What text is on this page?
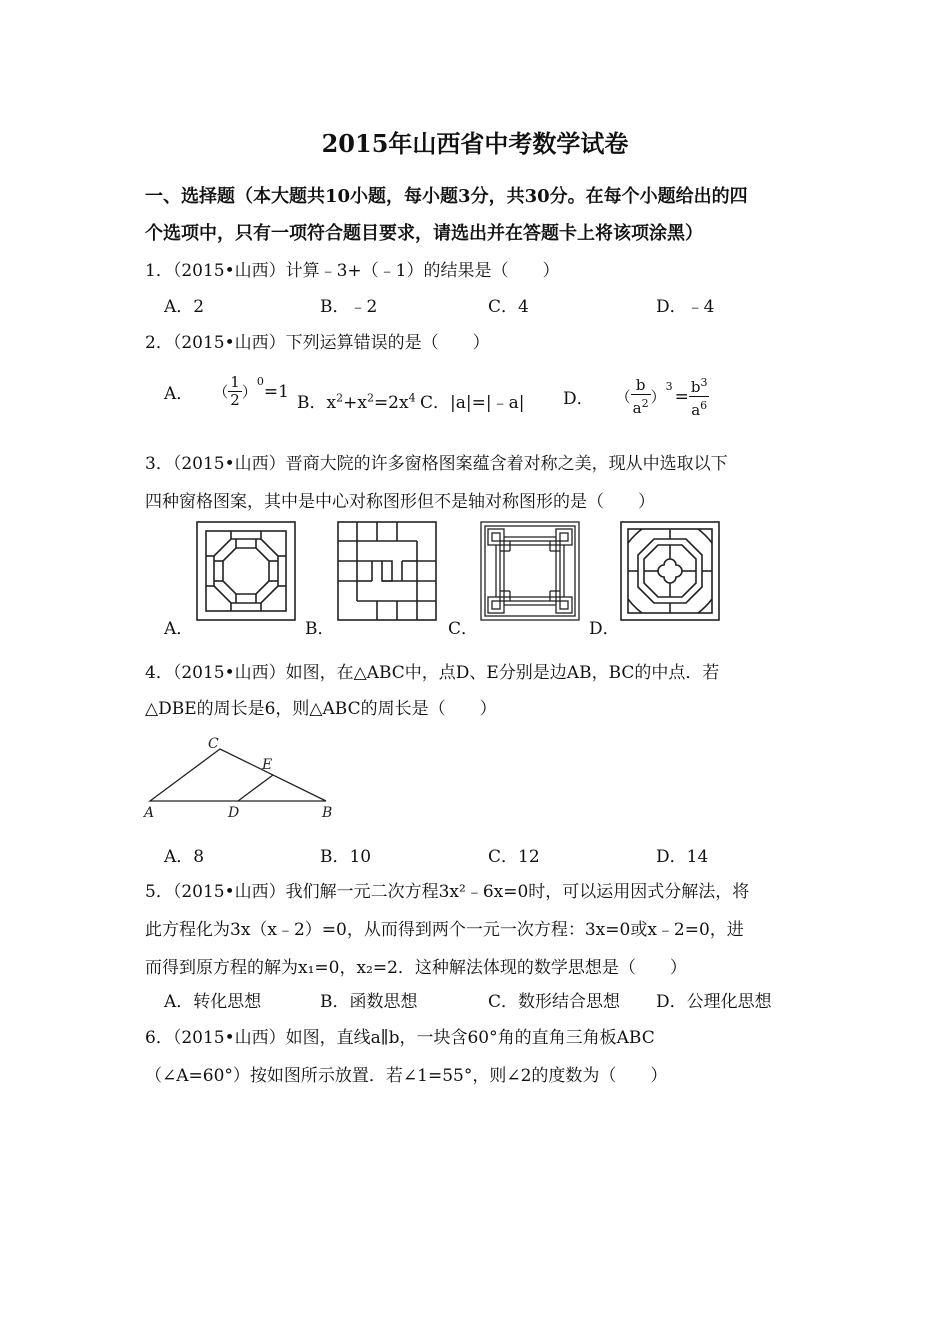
2015年山西省中考数学试卷
一、选择题（本大题共10小题，每小题3分，共30分。在每个小题给出的四
个选项中，只有一项符合题目要求，请选出并在答题卡上将该项涂黑）
1．（2015•山西）计算﹣3+（﹣1）的结果是（　　）
A．2	B．﹣2	C．4	D．﹣4
2．（2015•山西）下列运算错误的是（　　）
A． （ $\frac{1}{2}$ ）
$^0$ =1
B．$x^2+x^2=2x^4$ C．|a|=|﹣a| D． （ $\frac{b}{a^2}$ ）
$^3 = \frac{b^3}{a^6}$
3．（2015•山西）晋商大院的许多窗格图案蕴含着对称之美，现从中选取以下
四种窗格图案，其中是中心对称图形但不是轴对称图形的是（　　）
A．	B．	C．	D．
4．（2015•山西）如图，在△ABC中，点D、E分别是边AB，BC的中点．若
△DBE的周长是6，则△ABC的周长是（　　）
C
E
A	D	B
A．8	B．10	C．12	D．14
5．（2015•山西）我们解一元二次方程3x²﹣6x=0时，可以运用因式分解法，将
此方程化为3x（x﹣2）=0，从而得到两个一元一次方程：3x=0或x﹣2=0，进
而得到原方程的解为x₁=0，x₂=2．这种解法体现的数学思想是（　　）
A．转化思想	B．函数思想	C．数形结合思想 D．公理化思想
6．（2015•山西）如图，直线a∥b，一块含60°角的直角三角板ABC
（∠A=60°）按如图所示放置．若∠1=55°，则∠2的度数为（　　）
